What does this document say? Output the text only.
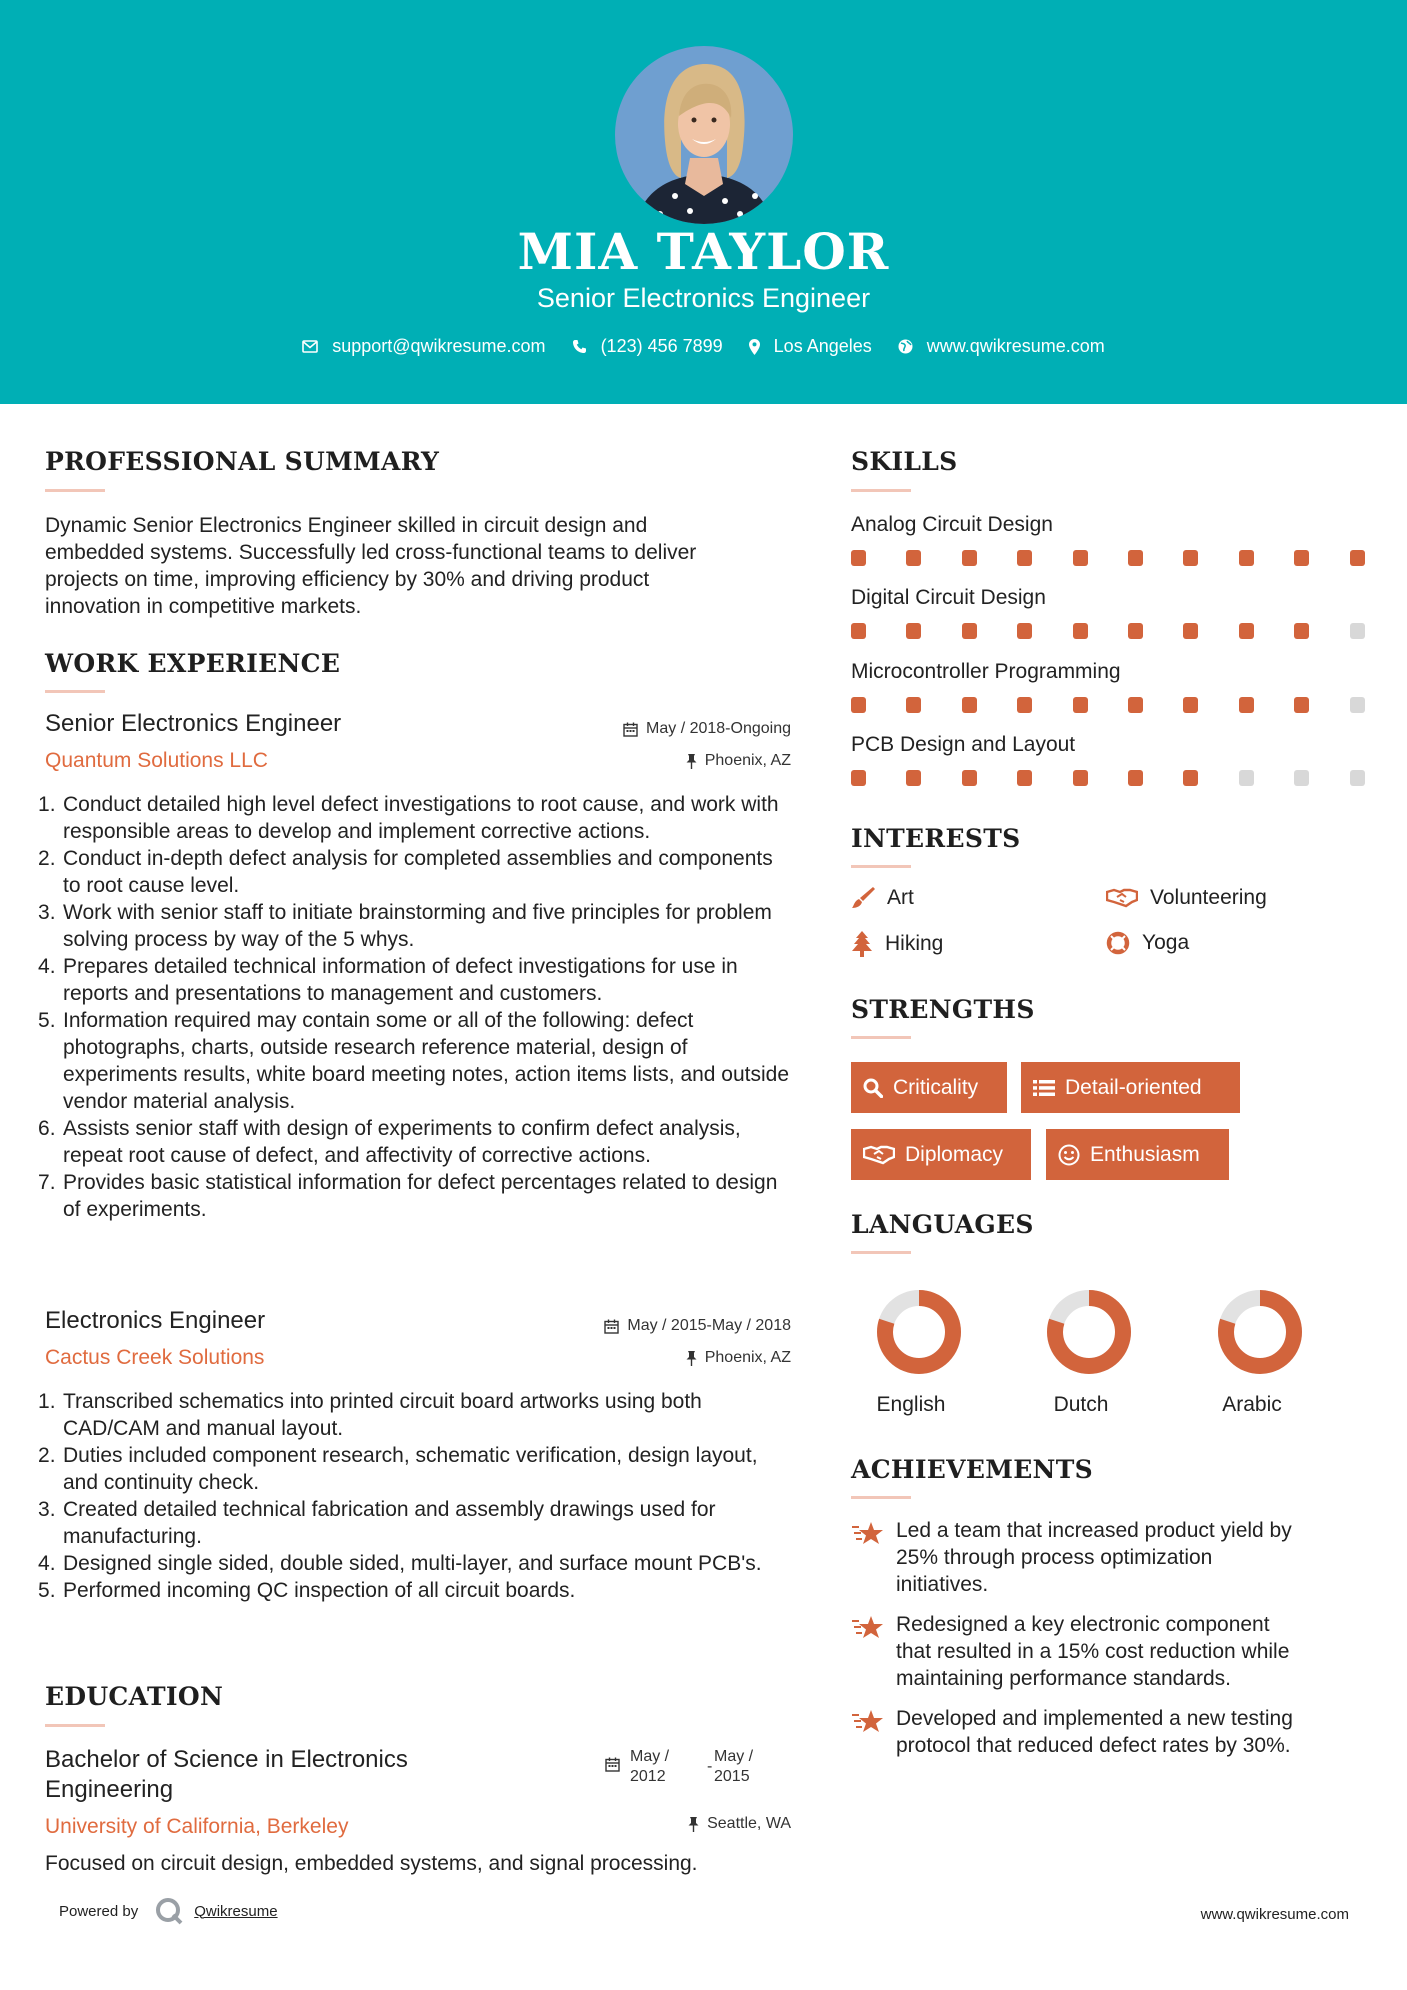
MIA TAYLOR
Senior Electronics Engineer
support@qwikresume.com	(123) 456 7899	Los Angeles	www.qwikresume.com
PROFESSIONAL SUMMARY
Dynamic Senior Electronics Engineer skilled in circuit design and
embedded systems. Successfully led cross-functional teams to deliver
projects on time, improving efficiency by 30% and driving product
innovation in competitive markets.
WORK EXPERIENCE
Senior Electronics Engineer
Quantum Solutions LLC
May / 2018-Ongoing
Phoenix, AZ
Conduct detailed high level defect investigations to root cause, and work with responsible areas to develop and implement corrective actions.
Conduct in-depth defect analysis for completed assemblies and components to root cause level.
Work with senior staff to initiate brainstorming and five principles for problem solving process by way of the 5 whys.
Prepares detailed technical information of defect investigations for use in reports and presentations to management and customers.
Information required may contain some or all of the following: defect photographs, charts, outside research reference material, design of experiments results, white board meeting notes, action items lists, and outside vendor material analysis.
Assists senior staff with design of experiments to confirm defect analysis, repeat root cause of defect, and affectivity of corrective actions.
Provides basic statistical information for defect percentages related to design of experiments.
Electronics Engineer
Cactus Creek Solutions
May / 2015-May / 2018
Phoenix, AZ
Transcribed schematics into printed circuit board artworks using both CAD/CAM and manual layout.
Duties included component research, schematic verification, design layout, and continuity check.
Created detailed technical fabrication and assembly drawings used for manufacturing.
Designed single sided, double sided, multi-layer, and surface mount PCB's.
Performed incoming QC inspection of all circuit boards.
EDUCATION
Bachelor of Science in Electronics
Engineering
University of California, Berkeley
May /
2012
-
May /
2015
Seattle, WA
Focused on circuit design, embedded systems, and signal processing.
SKILLS
Analog Circuit Design
Digital Circuit Design
Microcontroller Programming
PCB Design and Layout
INTERESTS
Art	Volunteering
Hiking	Yoga
STRENGTHS
Criticality	Detail-oriented
Diplomacy	Enthusiasm
LANGUAGES
English	Dutch	Arabic
ACHIEVEMENTS
Led a team that increased product yield by
25% through process optimization
initiatives.
Redesigned a key electronic component
that resulted in a 15% cost reduction while
maintaining performance standards.
Developed and implemented a new testing
protocol that reduced defect rates by 30%.
Powered by	Qwikresume	www.qwikresume.com
